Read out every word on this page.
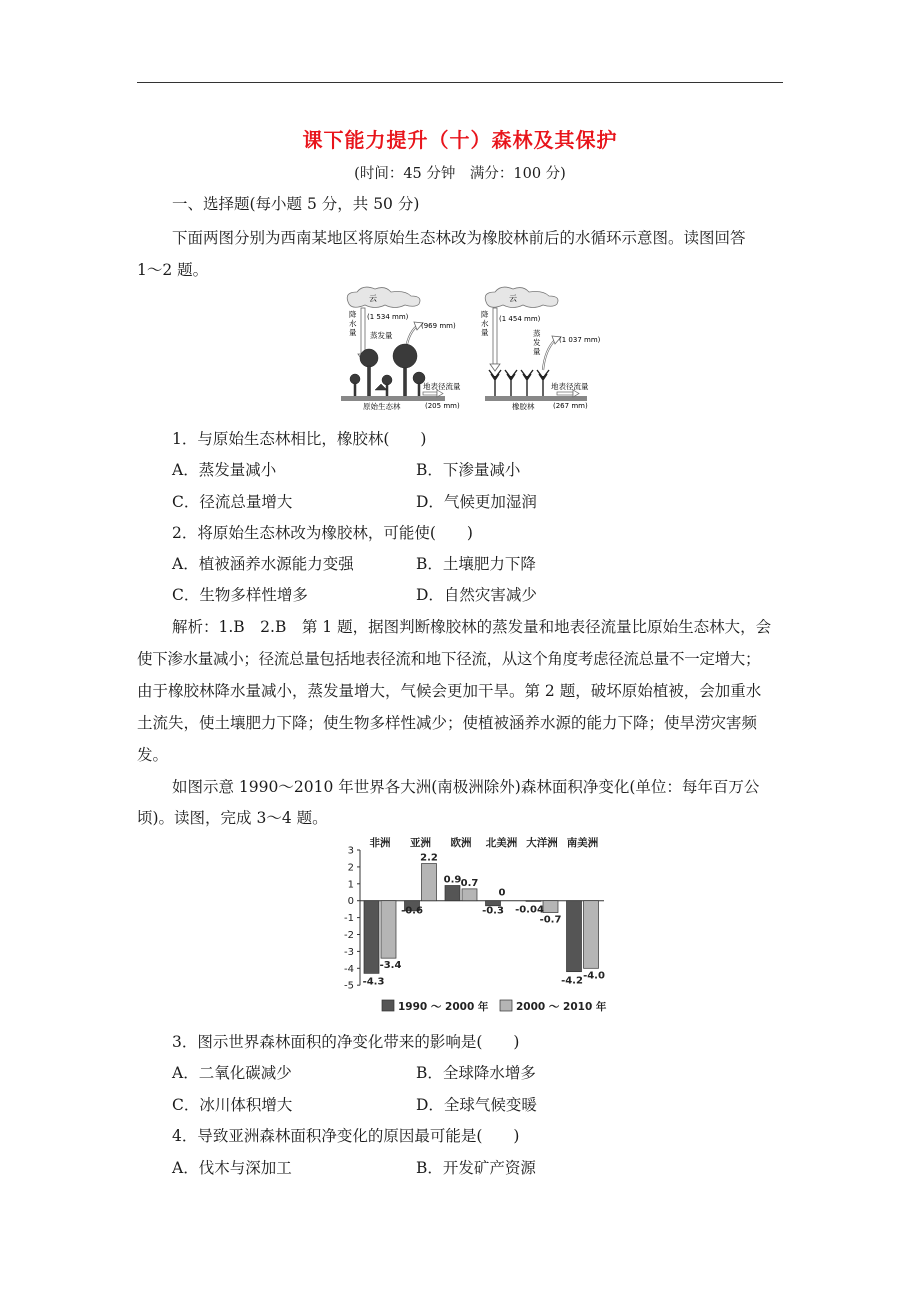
课下能力提升（十）森林及其保护
(时间：45 分钟　满分：100 分)
一、选择题(每小题 5 分，共 50 分)
下面两图分别为西南某地区将原始生态林改为橡胶林前后的水循环示意图。读图回答
1～2 题。
云
降
水
量
(1 534 mm)
蒸发量
(969 mm)
地表径流量
(205 mm)
原始生态林
云
降
水
量
(1 454 mm)
蒸
发
量
(1 037 mm)
地表径流量
(267 mm)
橡胶林
1．与原始生态林相比，橡胶林(　　)
A．蒸发量减小	B．下渗量减小
C．径流总量增大	D．气候更加湿润
2．将原始生态林改为橡胶林，可能使(　　)
A．植被涵养水源能力变强	B．土壤肥力下降
C．生物多样性增多	D．自然灾害减少
解析：1.B　2.B　第 1 题，据图判断橡胶林的蒸发量和地表径流量比原始生态林大，会
使下渗水量减小；径流总量包括地表径流和地下径流，从这个角度考虑径流总量不一定增大；
由于橡胶林降水量减小，蒸发量增大，气候会更加干旱。第 2 题，破坏原始植被，会加重水
土流失，使土壤肥力下降；使生物多样性减少；使植被涵养水源的能力下降；使旱涝灾害频
发。
如图示意 1990～2010 年世界各大洲(南极洲除外)森林面积净变化(单位：每年百万公
顷)。读图，完成 3～4 题。
3
2
1
0
-1
-2
-3
-4
-5
非洲
-4.3
-3.4
亚洲
-0.6
2.2
欧洲
0.9 0.7
北美洲
-0.3
0
大洋洲
-0.04
-0.7
南美洲
-4.2 -4.0
1990 ～ 2000 年	2000 ～ 2010 年
3．图示世界森林面积的净变化带来的影响是(　　)
A．二氧化碳减少	B．全球降水增多
C．冰川体积增大	D．全球气候变暖
4．导致亚洲森林面积净变化的原因最可能是(　　)
A．伐木与深加工	B．开发矿产资源
